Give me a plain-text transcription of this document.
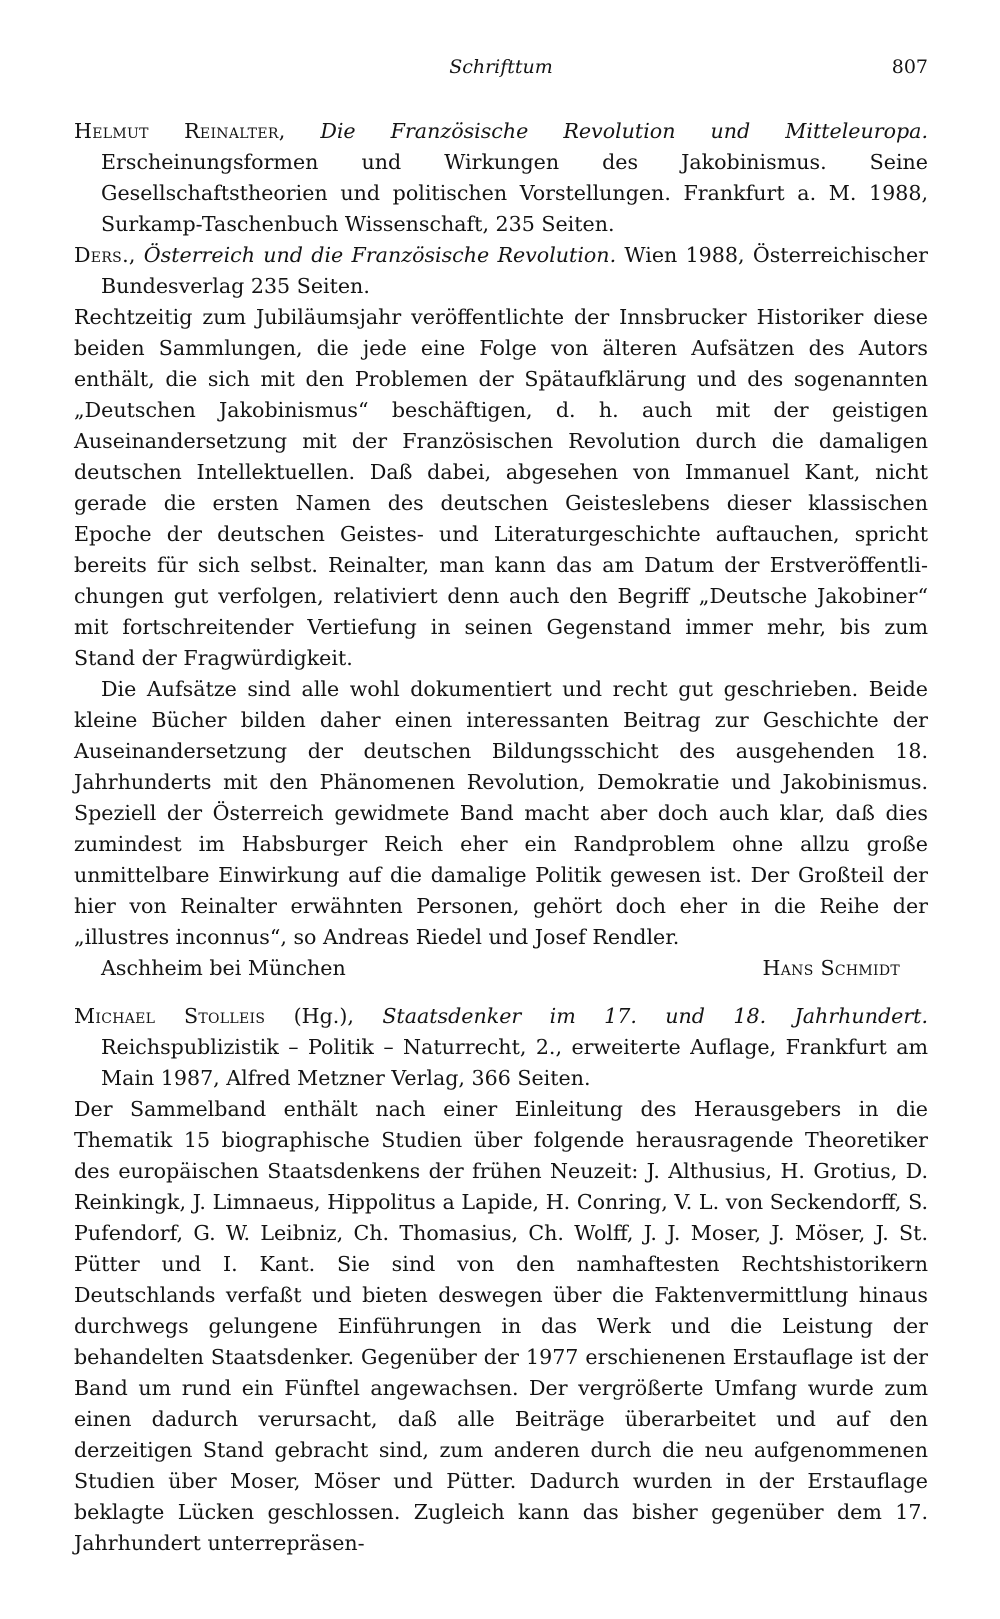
Schrifttum	807

Helmut Reinalter, Die Französische Revolution und Mitteleuropa. Erscheinungsformen und Wirkungen des Jakobinismus. Seine Gesellschaftstheorien und politischen Vorstellungen. Frankfurt a. M. 1988, Surkamp-Taschenbuch Wissenschaft, 235 Seiten.

Ders., Österreich und die Französische Revolution. Wien 1988, Österreichischer Bundesverlag 235 Seiten.

Rechtzeitig zum Jubiläumsjahr veröffentlichte der Innsbrucker Historiker diese beiden Sammlungen, die jede eine Folge von älteren Aufsätzen des Autors enthält, die sich mit den Problemen der Spätaufklärung und des sogenannten „Deutschen Jakobinismus“ beschäftigen, d. h. auch mit der geistigen Auseinandersetzung mit der Französischen Revolution durch die damaligen deutschen Intellektuellen. Daß dabei, abgesehen von Immanuel Kant, nicht gerade die ersten Namen des deutschen Geisteslebens dieser klassischen Epoche der deutschen Geistes- und Literaturgeschichte auftauchen, spricht bereits für sich selbst. Reinalter, man kann das am Datum der Erstveröffentlichungen gut verfolgen, relativiert denn auch den Begriff „Deutsche Jakobiner“ mit fortschreitender Vertiefung in seinen Gegenstand immer mehr, bis zum Stand der Fragwürdigkeit.

Die Aufsätze sind alle wohl dokumentiert und recht gut geschrieben. Beide kleine Bücher bilden daher einen interessanten Beitrag zur Geschichte der Auseinandersetzung der deutschen Bildungsschicht des ausgehenden 18. Jahrhunderts mit den Phänomenen Revolution, Demokratie und Jakobinismus. Speziell der Österreich gewidmete Band macht aber doch auch klar, daß dies zumindest im Habsburger Reich eher ein Randproblem ohne allzu große unmittelbare Einwirkung auf die damalige Politik gewesen ist. Der Großteil der hier von Reinalter erwähnten Personen, gehört doch eher in die Reihe der „illustres inconnus“, so Andreas Riedel und Josef Rendler.

Aschheim bei München	Hans Schmidt

Michael Stolleis (Hg.), Staatsdenker im 17. und 18. Jahrhundert. Reichspublizistik – Politik – Naturrecht, 2., erweiterte Auflage, Frankfurt am Main 1987, Alfred Metzner Verlag, 366 Seiten.

Der Sammelband enthält nach einer Einleitung des Herausgebers in die Thematik 15 biographische Studien über folgende herausragende Theoretiker des europäischen Staatsdenkens der frühen Neuzeit: J. Althusius, H. Grotius, D. Reinkingk, J. Limnaeus, Hippolitus a Lapide, H. Conring, V. L. von Seckendorff, S. Pufendorf, G. W. Leibniz, Ch. Thomasius, Ch. Wolff, J. J. Moser, J. Möser, J. St. Pütter und I. Kant. Sie sind von den namhaftesten Rechtshistorikern Deutschlands verfaßt und bieten deswegen über die Faktenvermittlung hinaus durchwegs gelungene Einführungen in das Werk und die Leistung der behandelten Staatsdenker. Gegenüber der 1977 erschienenen Erstauflage ist der Band um rund ein Fünftel angewachsen. Der vergrößerte Umfang wurde zum einen dadurch verursacht, daß alle Beiträge überarbeitet und auf den derzeitigen Stand gebracht sind, zum anderen durch die neu aufgenommenen Studien über Moser, Möser und Pütter. Dadurch wurden in der Erstauflage beklagte Lücken geschlossen. Zugleich kann das bisher gegenüber dem 17. Jahrhundert unterrepräsen-
